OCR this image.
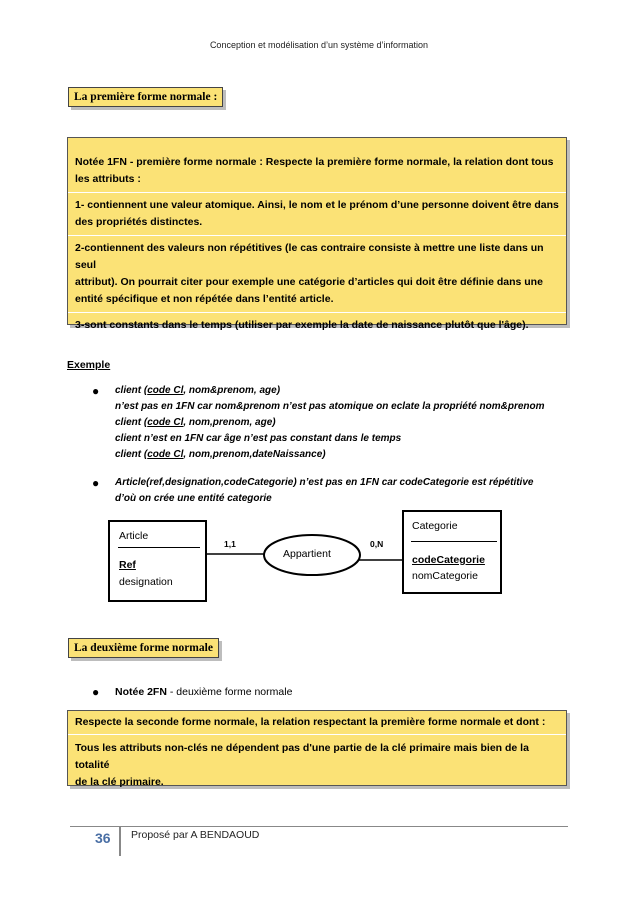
Conception et modélisation d’un système d’information
La première forme normale :

Notée 1FN - première forme normale : Respecte la première forme normale, la relation dont tous

les attributs :

1- contiennent une valeur atomique. Ainsi, le nom et le prénom d’une personne doivent être dans

des propriétés distinctes.

2-contiennent des valeurs non répétitives (le cas contraire consiste à mettre une liste dans un seul

attribut). On pourrait citer pour exemple une catégorie d’articles qui doit être définie dans une

entité spécifique et non répétée dans l’entité article.

3-sont constants dans le temps (utiliser par exemple la date de naissance plutôt que l'âge).

Exemple
● client (code Cl, nom&prenom, age)
n’est pas en 1FN car nom&prenom n’est pas atomique on eclate la propriété nom&prenom
client (code Cl, nom,prenom, age)
client n’est en 1FN car âge n’est pas constant dans le temps
client (code Cl, nom,prenom,dateNaissance)
● Article(ref,designation,codeCategorie) n’est pas en 1FN car codeCategorie est répétitive
d’où on crée une entité categorie
Article
Ref
designation
Appartient
1,1	0,N
Categorie
codeCategorie
nomCategorie
La deuxième forme normale
● Notée 2FN - deuxième forme normale

Respecte la seconde forme normale, la relation respectant la première forme normale et dont :

Tous les attributs non-clés ne dépendent pas d'une partie de la clé primaire mais bien de la totalité

de la clé primaire.

36 Proposé par A BENDAOUD
